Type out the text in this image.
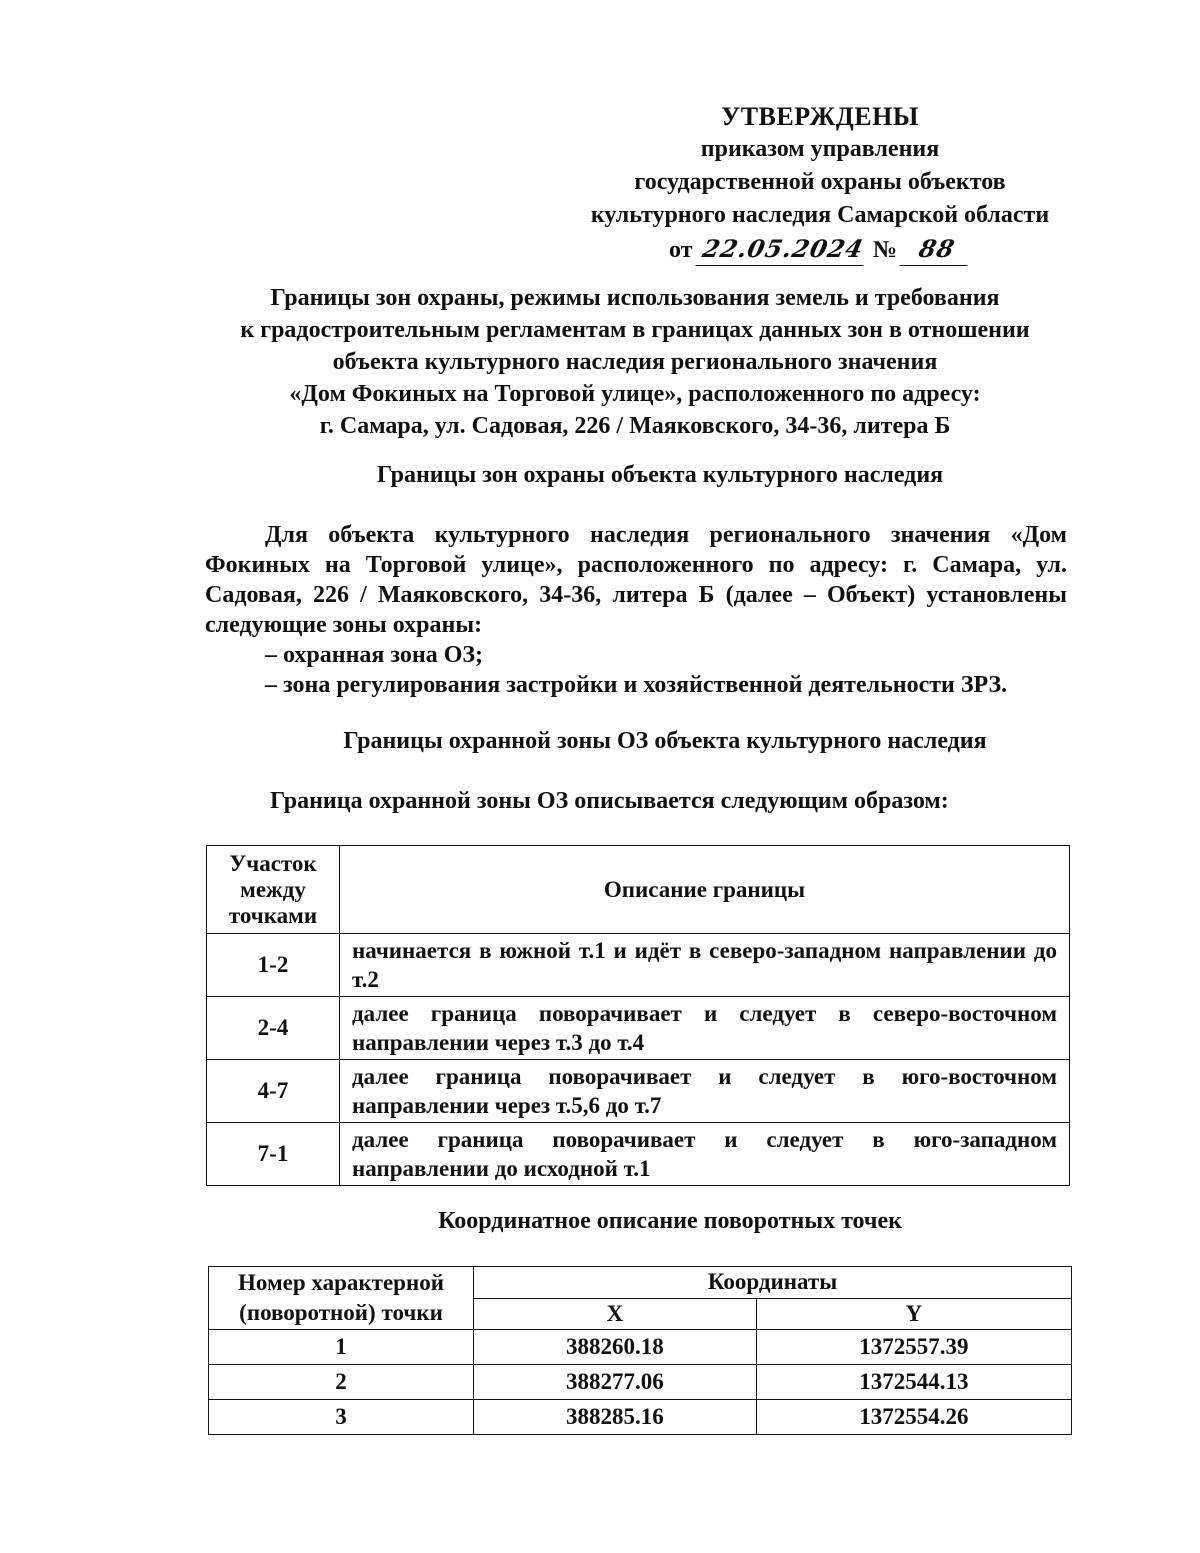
УТВЕРЖДЕНЫ
приказом управления
государственной охраны объектов
культурного наследия Самарской области
от 22.05.2024 № 88
Границы зон охраны, режимы использования земель и требования
к градостроительным регламентам в границах данных зон в отношении
объекта культурного наследия регионального значения
«Дом Фокиных на Торговой улице», расположенного по адресу:
г. Самара, ул. Садовая, 226 / Маяковского, 34-36, литера Б
Границы зон охраны объекта культурного наследия

Для объекта культурного наследия регионального значения «Дом Фокиных на Торговой улице», расположенного по адресу: г. Самара, ул. Садовая, 226 / Маяковского, 34-36, литера Б (далее – Объект) установлены следующие зоны охраны:

– охранная зона ОЗ;

– зона регулирования застройки и хозяйственной деятельности ЗРЗ.

Границы охранной зоны ОЗ объекта культурного наследия
Граница охранной зоны ОЗ описывается следующим образом:
Участок между точками	Описание границы
1-2	начинается в южной т.1 и идёт в северо-западном направлении до т.2
2-4	далее граница поворачивает и следует в северо-восточном направлении через т.3 до т.4
4-7	далее граница поворачивает и следует в юго-восточном направлении через т.5,6 до т.7
7-1	далее граница поворачивает и следует в юго-западном направлении до исходной т.1
Координатное описание поворотных точек
Номер характерной (поворотной) точки	Координаты	
	X	Y
1	388260.18	1372557.39
2	388277.06	1372544.13
3	388285.16	1372554.26
